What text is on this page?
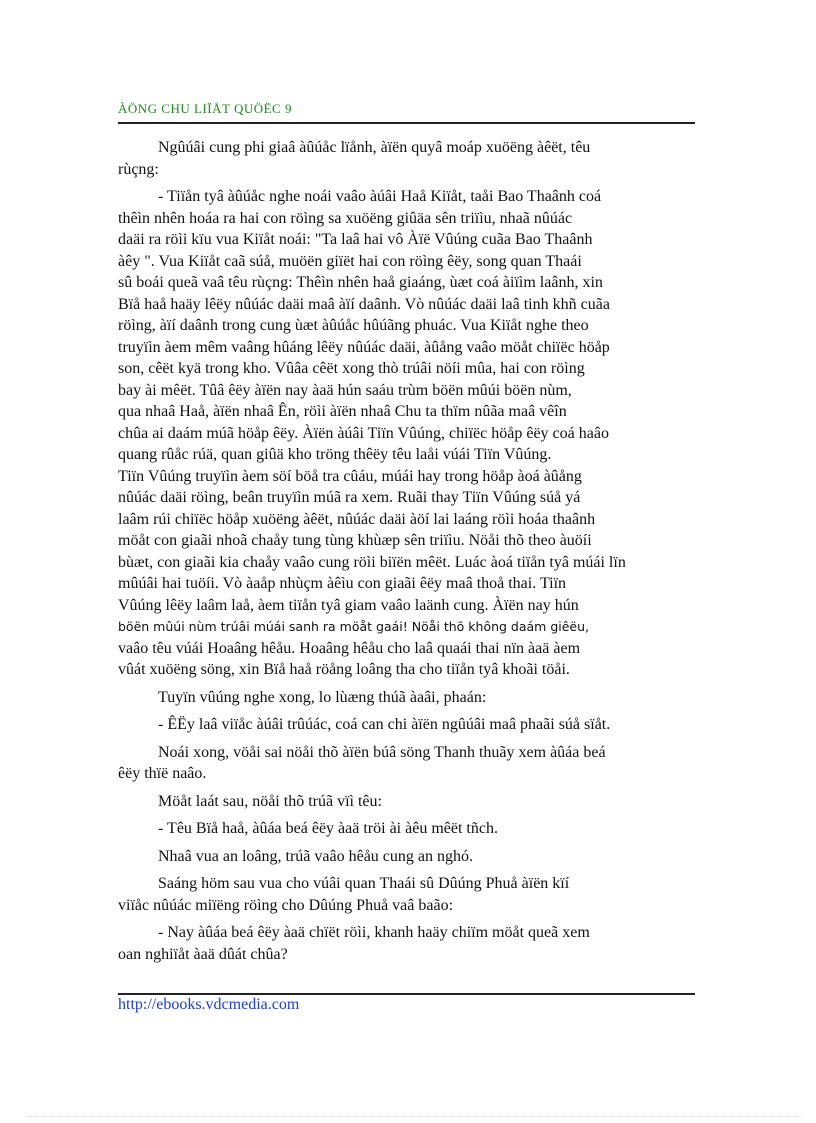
ÀÖNG CHU LIÏÅT QUÖËC 9

Ngûúâi cung phi giaâ àûúåc lïånh, àïën quyâ moáp xuöëng àêët, têu
rùçng:

- Tiïån tyâ àûúåc nghe noái vaâo àúâi Haå Kiïåt, taåi Bao Thaânh coá
thêìn nhên hoáa ra hai con röìng sa xuöëng giûäa sên triïìu, nhaã nûúác
daäi ra röìi kïu vua Kiïåt noái: "Ta laâ hai vô Àïë Vûúng cuãa Bao Thaânh
àêy ". Vua Kiïåt caã súå, muöën giïët hai con röìng êëy, song quan Thaái
sû boái queã vaâ têu rùçng: Thêìn nhên haå giaáng, ùæt coá àiïìm laânh, xin
Bïå haå haäy lêëy nûúác daäi maâ àïí daânh. Vò nûúác daäi laâ tinh khñ cuãa
röìng, àïí daânh trong cung ùæt àûúåc hûúãng phuác. Vua Kiïåt nghe theo
truyïìn àem mêm vaâng hûáng lêëy nûúác daäi, àûång vaâo möåt chiïëc höåp
son, cêët kyä trong kho. Vûâa cêët xong thò trúâi nöíi mûa, hai con röìng
bay ài mêët. Tûâ êëy àïën nay àaä hún saáu trùm böën mûúi böën nùm,
qua nhaâ Haå, àïën nhaâ Ên, röìi àïën nhaâ Chu ta thïm nûãa maâ vêîn
chûa ai daám múã höåp êëy. Àïën àúâi Tiïn Vûúng, chiïëc höåp êëy coá haâo
quang rûåc rúä, quan giûä kho tröng thêëy têu laåi vúái Tiïn Vûúng.
Tiïn Vûúng truyïìn àem söí böå tra cûáu, múái hay trong höåp àoá àûång
nûúác daäi röìng, beân truyïìn múã ra xem. Ruãi thay Tiïn Vûúng súå yá
laâm rúi chiïëc höåp xuöëng àêët, nûúác daäi àöí lai laáng röìi hoáa thaânh
möåt con giaãi nhoã chaåy tung tùng khùæp sên triïìu. Nöåi thõ theo àuöíi
bùæt, con giaãi kia chaåy vaâo cung röìi biïën mêët. Luác àoá tiïån tyâ múái lïn
mûúâi hai tuöíi. Vò àaåp nhùçm àêìu con giaãi êëy maâ thoå thai. Tiïn
Vûúng lêëy laâm laå, àem tiïån tyâ giam vaâo laänh cung. Àïën nay hún
böën mûúi nùm trúâi múái sanh ra möåt gaái! Nöåi thõ không daám giêëu,
vaâo têu vúái Hoaâng hêåu. Hoaâng hêåu cho laâ quaái thai nïn àaä àem
vûát xuöëng söng, xin Bïå haå röång loâng tha cho tiïån tyâ khoãi töåi.

Tuyïn vûúng nghe xong, lo lùæng thúã àaâi, phaán:

- ÊËy laâ viïåc àúâi trûúác, coá can chi àïën ngûúâi maâ phaãi súå sïåt.

Noái xong, vöåi sai nöåi thõ àïën búâ söng Thanh thuãy xem àûáa beá
êëy thïë naâo.

Möåt laát sau, nöåi thõ trúã vïì têu:

- Têu Bïå haå, àûáa beá êëy àaä tröi ài àêu mêët tñch.

Nhaâ vua an loâng, trúã vaâo hêåu cung an nghó.

Saáng höm sau vua cho vúâi quan Thaái sû Dûúng Phuå àïën kïí
viïåc nûúác miïëng röìng cho Dûúng Phuå vaâ baão:

- Nay àûáa beá êëy àaä chïët röìi, khanh haäy chiïm möåt queã xem
oan nghiïåt àaä dûát chûa?

http://ebooks.vdcmedia.com
